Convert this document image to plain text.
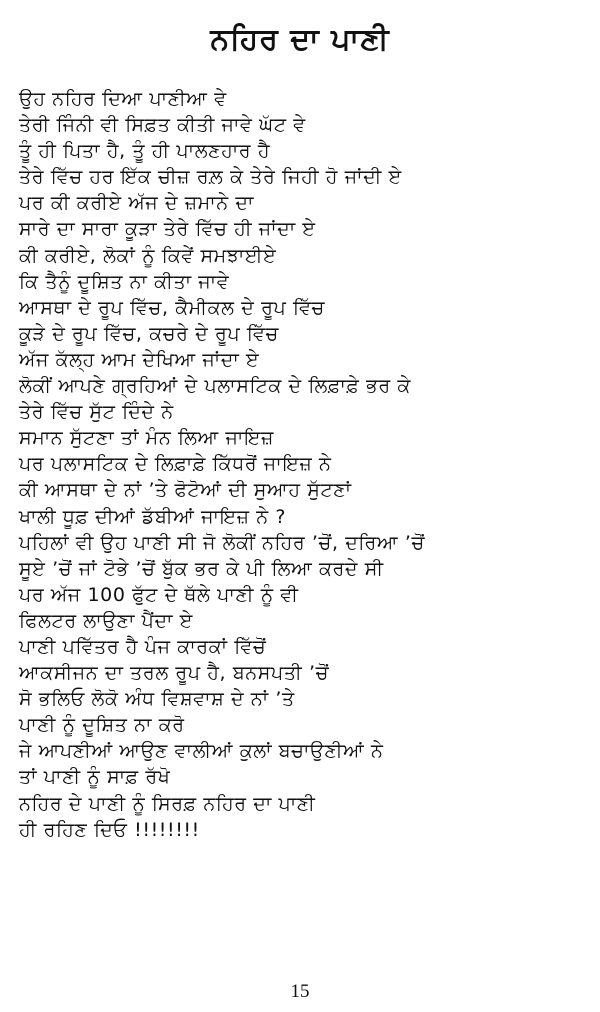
ਨਹਿਰ ਦਾ ਪਾਣੀ
ਉਹ ਨਹਿਰ ਦਿਆ ਪਾਣੀਆ ਵੇ
ਤੇਰੀ ਜਿੰਨੀ ਵੀ ਸਿਫ਼ਤ ਕੀਤੀ ਜਾਵੇ ਘੱਟ ਵੇ
ਤੂੰ ਹੀ ਪਿਤਾ ਹੈ, ਤੂੰ ਹੀ ਪਾਲਣਹਾਰ ਹੈ
ਤੇਰੇ ਵਿੱਚ ਹਰ ਇੱਕ ਚੀਜ਼ ਰਲ਼ ਕੇ ਤੇਰੇ ਜਿਹੀ ਹੋ ਜਾਂਦੀ ਏ
ਪਰ ਕੀ ਕਰੀਏ ਅੱਜ ਦੇ ਜ਼ਮਾਨੇ ਦਾ
ਸਾਰੇ ਦਾ ਸਾਰਾ ਕੂੜਾ ਤੇਰੇ ਵਿੱਚ ਹੀ ਜਾਂਦਾ ਏ
ਕੀ ਕਰੀਏ, ਲੋਕਾਂ ਨੂੰ ਕਿਵੇਂ ਸਮਝਾਈਏ
ਕਿ ਤੈਨੂੰ ਦੂਸ਼ਿਤ ਨਾ ਕੀਤਾ ਜਾਵੇ
ਆਸਥਾ ਦੇ ਰੂਪ ਵਿੱਚ, ਕੈਮੀਕਲ ਦੇ ਰੂਪ ਵਿੱਚ
ਕੂੜੇ ਦੇ ਰੂਪ ਵਿੱਚ, ਕਚਰੇ ਦੇ ਰੂਪ ਵਿੱਚ
ਅੱਜ ਕੱਲ੍ਹ ਆਮ ਦੇਖਿਆ ਜਾਂਦਾ ਏ
ਲੋਕੀਂ ਆਪਣੇ ਗ੍ਰਹਿਆਂ ਦੇ ਪਲਾਸਟਿਕ ਦੇ ਲਿਫ਼ਾਫ਼ੇ ਭਰ ਕੇ
ਤੇਰੇ ਵਿੱਚ ਸੁੱਟ ਦਿੰਦੇ ਨੇ
ਸਮਾਨ ਸੁੱਟਣਾ ਤਾਂ ਮੰਨ ਲਿਆ ਜਾਇਜ਼
ਪਰ ਪਲਾਸਟਿਕ ਦੇ ਲਿਫ਼ਾਫ਼ੇ ਕਿੱਧਰੋਂ ਜਾਇਜ਼ ਨੇ
ਕੀ ਆਸਥਾ ਦੇ ਨਾਂ ’ਤੇ ਫੋਟੋਆਂ ਦੀ ਸੁਆਹ ਸੁੱਟਣਾਂ
ਖਾਲੀ ਧੂਫ਼ ਦੀਆਂ ਡੱਬੀਆਂ ਜਾਇਜ਼ ਨੇ ?
ਪਹਿਲਾਂ ਵੀ ਉਹ ਪਾਣੀ ਸੀ ਜੋ ਲੋਕੀਂ ਨਹਿਰ ’ਚੋਂ, ਦਰਿਆ ’ਚੋਂ
ਸੂਏ ’ਚੋਂ ਜਾਂ ਟੋਭੇ ’ਚੋਂ ਬੁੱਕ ਭਰ ਕੇ ਪੀ ਲਿਆ ਕਰਦੇ ਸੀ
ਪਰ ਅੱਜ 100 ਫੁੱਟ ਦੇ ਥੱਲੇ ਪਾਣੀ ਨੂੰ ਵੀ
ਫਿਲਟਰ ਲਾਉਣਾ ਪੈਂਦਾ ਏ
ਪਾਣੀ ਪਵਿੱਤਰ ਹੈ ਪੰਜ ਕਾਰਕਾਂ ਵਿੱਚੋਂ
ਆਕਸੀਜਨ ਦਾ ਤਰਲ ਰੂਪ ਹੈ, ਬਨਸਪਤੀ ’ਚੋਂ
ਸੋ ਭਲਿਓ ਲੋਕੋ ਅੰਧ ਵਿਸ਼ਵਾਸ਼ ਦੇ ਨਾਂ ’ਤੇ
ਪਾਣੀ ਨੂੰ ਦੂਸ਼ਿਤ ਨਾ ਕਰੋ
ਜੇ ਆਪਣੀਆਂ ਆਉਣ ਵਾਲੀਆਂ ਕੁਲਾਂ ਬਚਾਉਣੀਆਂ ਨੇ
ਤਾਂ ਪਾਣੀ ਨੂੰ ਸਾਫ਼ ਰੱਖੋ
ਨਹਿਰ ਦੇ ਪਾਣੀ ਨੂੰ ਸਿਰਫ਼ ਨਹਿਰ ਦਾ ਪਾਣੀ
ਹੀ ਰਹਿਣ ਦਿਓ !!!!!!!!
15
